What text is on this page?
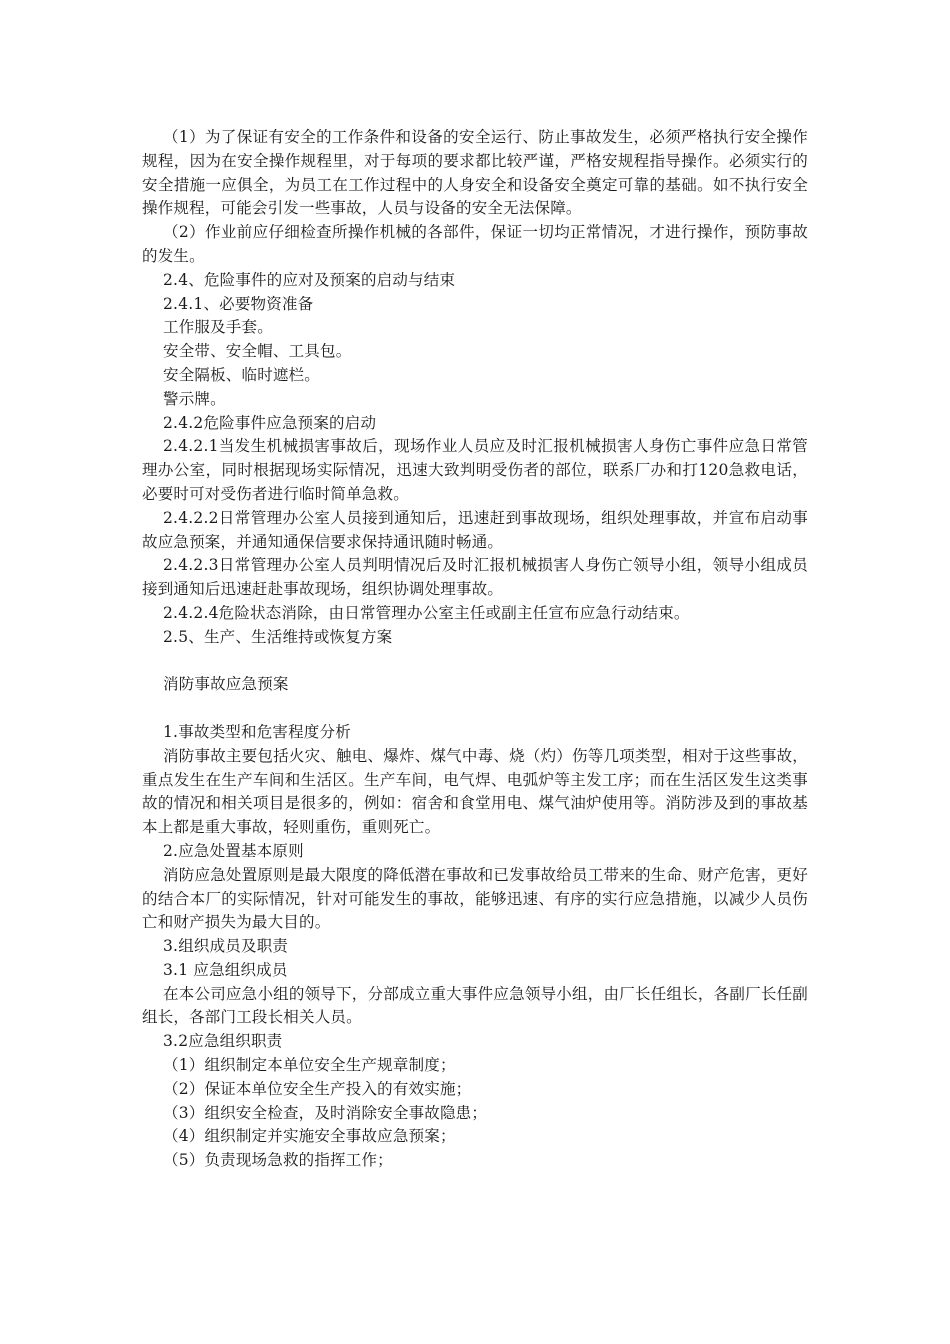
（1）为了保证有安全的工作条件和设备的安全运行、防止事故发生，必须严格执行安全操作规程，因为在安全操作规程里，对于每项的要求都比较严谨，严格安规程指导操作。必须实行的安全措施一应俱全，为员工在工作过程中的人身安全和设备安全奠定可靠的基础。如不执行安全操作规程，可能会引发一些事故，人员与设备的安全无法保障。

（2）作业前应仔细检查所操作机械的各部件，保证一切均正常情况，才进行操作，预防事故的发生。

2.4、危险事件的应对及预案的启动与结束

2.4.1、必要物资准备

工作服及手套。

安全带、安全帽、工具包。

安全隔板、临时遮栏。

警示牌。

2.4.2危险事件应急预案的启动

2.4.2.1当发生机械损害事故后，现场作业人员应及时汇报机械损害人身伤亡事件应急日常管理办公室，同时根据现场实际情况，迅速大致判明受伤者的部位，联系厂办和打120急救电话，必要时可对受伤者进行临时简单急救。

2.4.2.2日常管理办公室人员接到通知后，迅速赶到事故现场，组织处理事故，并宣布启动事故应急预案，并通知通保信要求保持通讯随时畅通。

2.4.2.3日常管理办公室人员判明情况后及时汇报机械损害人身伤亡领导小组，领导小组成员接到通知后迅速赶赴事故现场，组织协调处理事故。

2.4.2.4危险状态消除，由日常管理办公室主任或副主任宣布应急行动结束。

2.5、生产、生活维持或恢复方案

消防事故应急预案

1.事故类型和危害程度分析

消防事故主要包括火灾、触电、爆炸、煤气中毒、烧（灼）伤等几项类型，相对于这些事故，重点发生在生产车间和生活区。生产车间，电气焊、电弧炉等主发工序；而在生活区发生这类事故的情况和相关项目是很多的，例如：宿舍和食堂用电、煤气油炉使用等。消防涉及到的事故基本上都是重大事故，轻则重伤，重则死亡。

2.应急处置基本原则

消防应急处置原则是最大限度的降低潜在事故和已发事故给员工带来的生命、财产危害，更好的结合本厂的实际情况，针对可能发生的事故，能够迅速、有序的实行应急措施，以减少人员伤亡和财产损失为最大目的。

3.组织成员及职责

3.1 应急组织成员

在本公司应急小组的领导下，分部成立重大事件应急领导小组，由厂长任组长，各副厂长任副组长，各部门工段长相关人员。

3.2应急组织职责

（1）组织制定本单位安全生产规章制度；

（2）保证本单位安全生产投入的有效实施；

（3）组织安全检查，及时消除安全事故隐患；

（4）组织制定并实施安全事故应急预案；

（5）负责现场急救的指挥工作；
